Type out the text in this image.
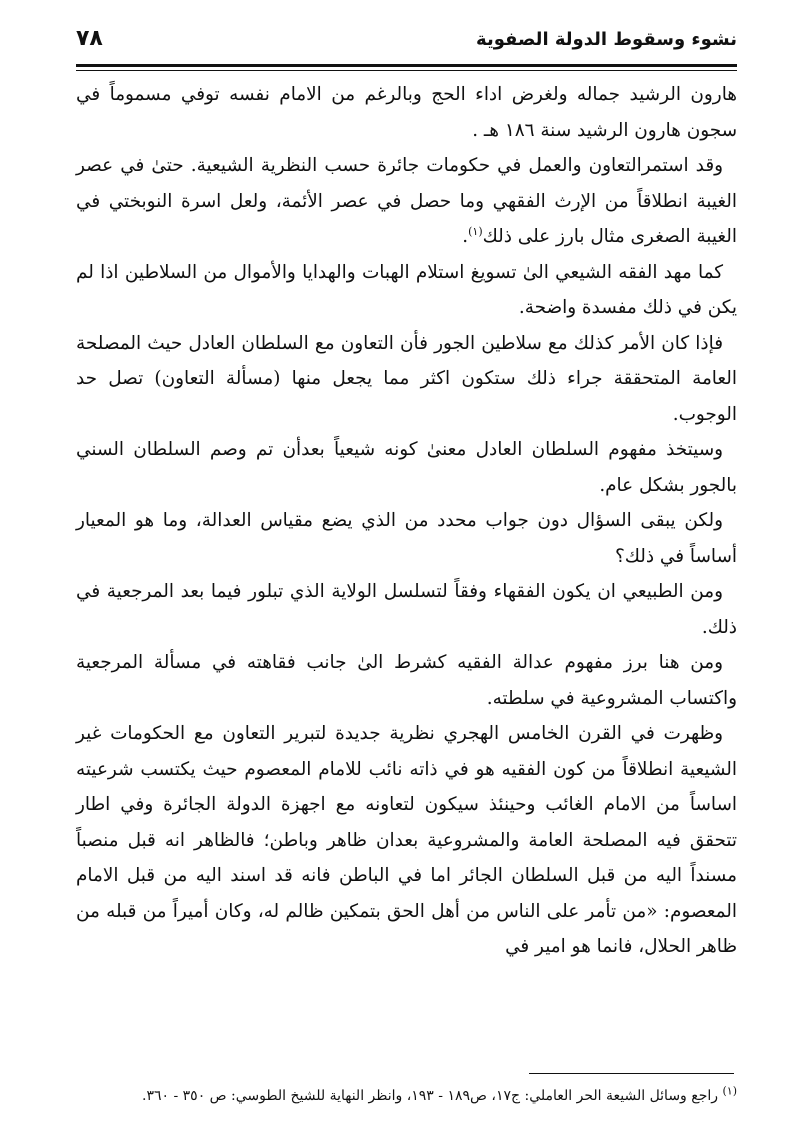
نشوء وسقوط الدولة الصفوية
٧٨

هارون الرشيد جماله ولغرض اداء الحج وبالرغم من الامام نفسه توفي مسموماً في سجون هارون الرشيد سنة ١٨٦ هـ .

وقد استمرالتعاون والعمل في حكومات جائرة حسب النظرية الشيعية. حتىٰ في عصر الغيبة انطلاقاً من الإرث الفقهي وما حصل في عصر الأئمة، ولعل اسرة النوبختي في الغيبة الصغرى مثال بارز على ذلك$^{(١)}$.

كما مهد الفقه الشيعي الىٰ تسويغ استلام الهبات والهدايا والأموال من السلاطين اذا لم يكن في ذلك مفسدة واضحة.

فإذا كان الأمر كذلك مع سلاطين الجور فأن التعاون مع السلطان العادل حيث المصلحة العامة المتحققة جراء ذلك ستكون اكثر مما يجعل منها (مسألة التعاون) تصل حد الوجوب.

وسيتخذ مفهوم السلطان العادل معنىٰ كونه شيعياً بعدأن تم وصم السلطان السني بالجور بشكل عام.

ولكن يبقى السؤال دون جواب محدد من الذي يضع مقياس العدالة، وما هو المعيار أساساً في ذلك؟

ومن الطبيعي ان يكون الفقهاء وفقاً لتسلسل الولاية الذي تبلور فيما بعد المرجعية في ذلك.

ومن هنا برز مفهوم عدالة الفقيه كشرط الىٰ جانب فقاهته في مسألة المرجعية واكتساب المشروعية في سلطته.

وظهرت في القرن الخامس الهجري نظرية جديدة لتبرير التعاون مع الحكومات غير الشيعية انطلاقاً من كون الفقيه هو في ذاته نائب للامام المعصوم حيث يكتسب شرعيته اساساً من الامام الغائب وحينئذ سيكون لتعاونه مع اجهزة الدولة الجائرة وفي اطار تتحقق فيه المصلحة العامة والمشروعية بعدان ظاهر وباطن؛ فالظاهر انه قبل منصباً مسنداً اليه من قبل السلطان الجائر اما في الباطن فانه قد اسند اليه من قبل الامام المعصوم: «من تأمر على الناس من أهل الحق بتمكين ظالم له، وكان أميراً من قبله من ظاهر الحلال، فانما هو امير في

$^{(١)}$ راجع وسائل الشيعة الحر العاملي: ج١٧، ص١٨٩ - ١٩٣، وانظر النهاية للشيخ الطوسي: ص ٣٥٠ - ٣٦٠.
